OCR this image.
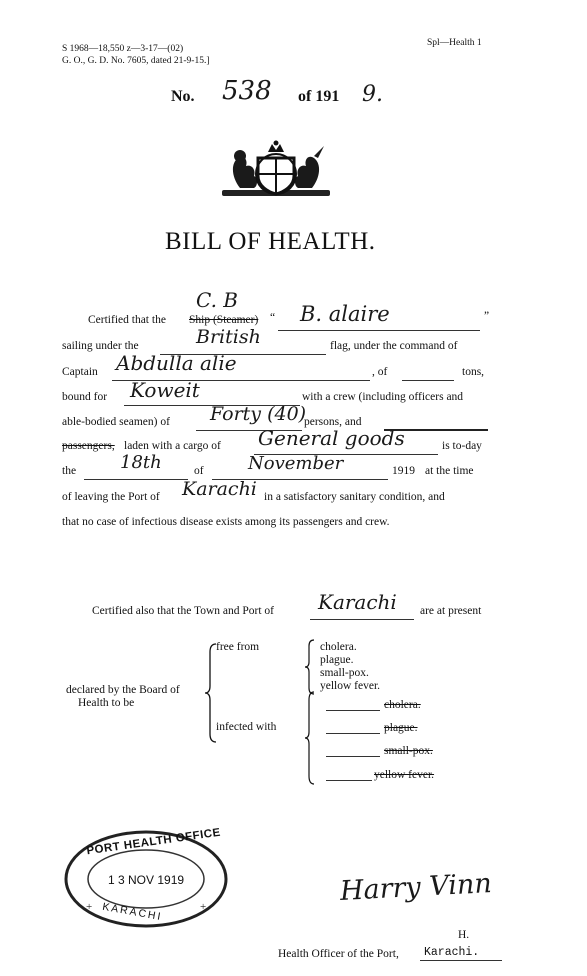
S 1968—18,550 z—3-17—(02)
G. O., G. D. No. 7605, dated 21-9-15.]
Spl—Health 1
No. 538 of 191 9.
BILL OF HEALTH.
Certified that the Ship (Steamer)
C. B
“ B. alaire	”
sailing under the	British	flag, under the command of
Captain Abdulla alie	, of	tons,
bound for Koweit	with a crew (including officers and
able-bodied seamen) of Forty (40)
persons, and
passengers, laden with a cargo of General goods	is to-day
the 18th	of November	1919 at the time
of leaving the Port of Karachi in a satisfactory sanitary condition, and
that no case of infectious disease exists among its passengers and crew.
Certified also that the Town and Port of Karachi are at present
declared by the Board of
Health to be
free from	cholera.
plague.
small-pox.
yellow fever.
infected with
cholera.
plague.
small-pox.
yellow fever.
+
+
PORT HEALTH OFFICE
1 3 NOV 1919
KARACHI
Harry Vinn
H.
Health Officer of the Port, Karachi.
